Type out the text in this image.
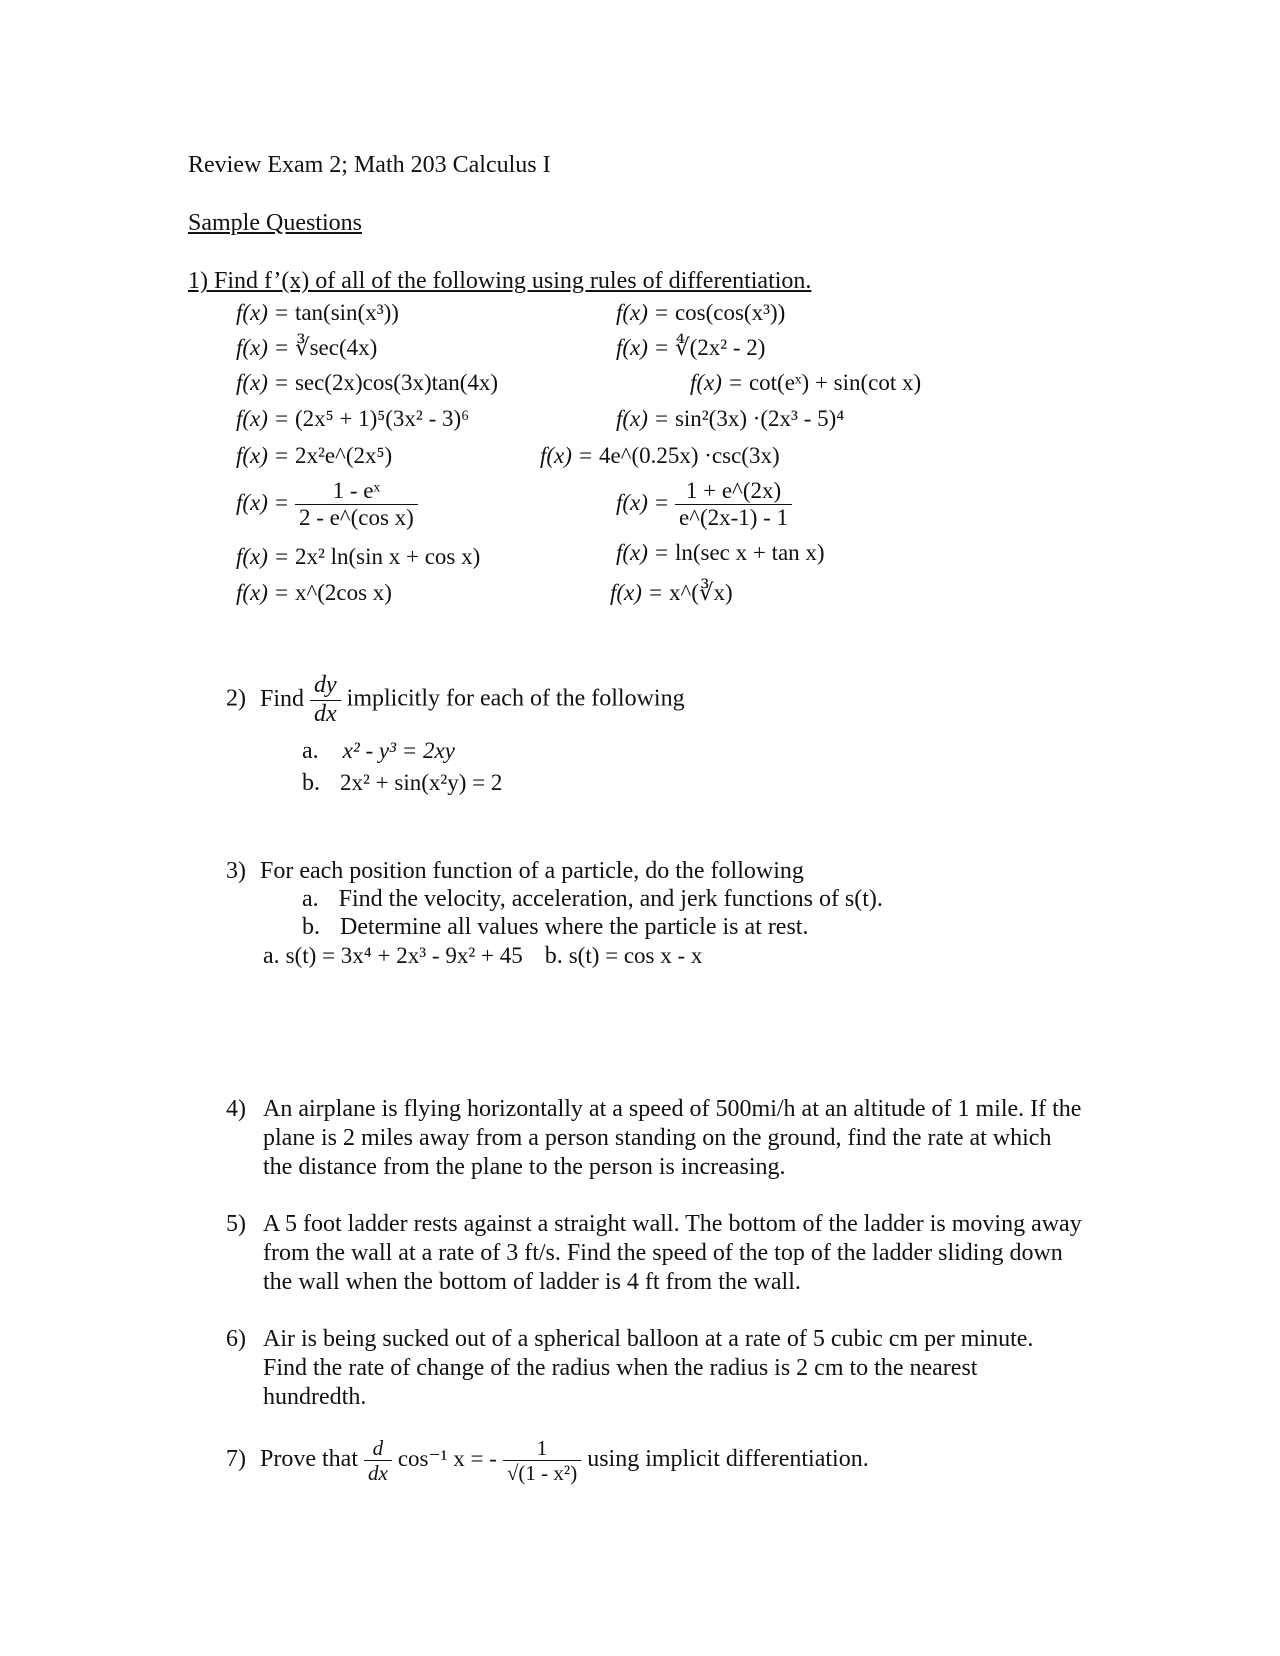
Review Exam 2; Math 203 Calculus I
Sample Questions
1) Find f’(x) of all of the following using rules of differentiation.
f(x) = tan(sin(x³))	f(x) = cos(cos(x³))
f(x) = ∛sec(4x)	f(x) = ∜(2x² - 2)
f(x) = sec(2x)cos(3x)tan(4x)	f(x) = cot(eˣ) + sin(cot x)
f(x) = (2x⁵ + 1)⁵(3x² - 3)⁶	f(x) = sin²(3x) ·(2x³ - 5)⁴
f(x) = 2x²e^(2x⁵)	f(x) = 4e^(0.25x) ·csc(3x)
$f(x) = \frac{\text{1 - eˣ}}{\text{2 - e\textasciicircum{}(cos x)}}$	$f(x) = \frac{1 + e\^{}(2x)}{e\^{}(2x-1) - 1}$
f(x) = 2x² ln(sin x + cos x)	f(x) = ln(sec x + tan x)
f(x) = x^(2cos x)	f(x) = x^(∛x)
2) Find $\frac{dy}{dx}$ implicitly for each of the following
a. x² - y³ = 2xy
b. 2x² + sin(x²y) = 2
3) For each position function of a particle, do the following
a. Find the velocity, acceleration, and jerk functions of s(t).
b. Determine all values where the particle is at rest.
a. s(t) = 3x⁴ + 2x³ - 9x² + 45 b. s(t) = cos x - x
4) An airplane is flying horizontally at a speed of 500mi/h at an altitude of 1 mile. If the plane is 2 miles away from a person standing on the ground, find the rate at which the distance from the plane to the person is increasing.
5) A 5 foot ladder rests against a straight wall. The bottom of the ladder is moving away from the wall at a rate of 3 ft/s. Find the speed of the top of the ladder sliding down the wall when the bottom of ladder is 4 ft from the wall.
6) Air is being sucked out of a spherical balloon at a rate of 5 cubic cm per minute. Find the rate of change of the radius when the radius is 2 cm to the nearest hundredth.
7) Prove that $\frac{d}{dx} \cos^{-1}$ x = - $\frac{1}{\text{√(1 - x²)}}$ using implicit differentiation.
